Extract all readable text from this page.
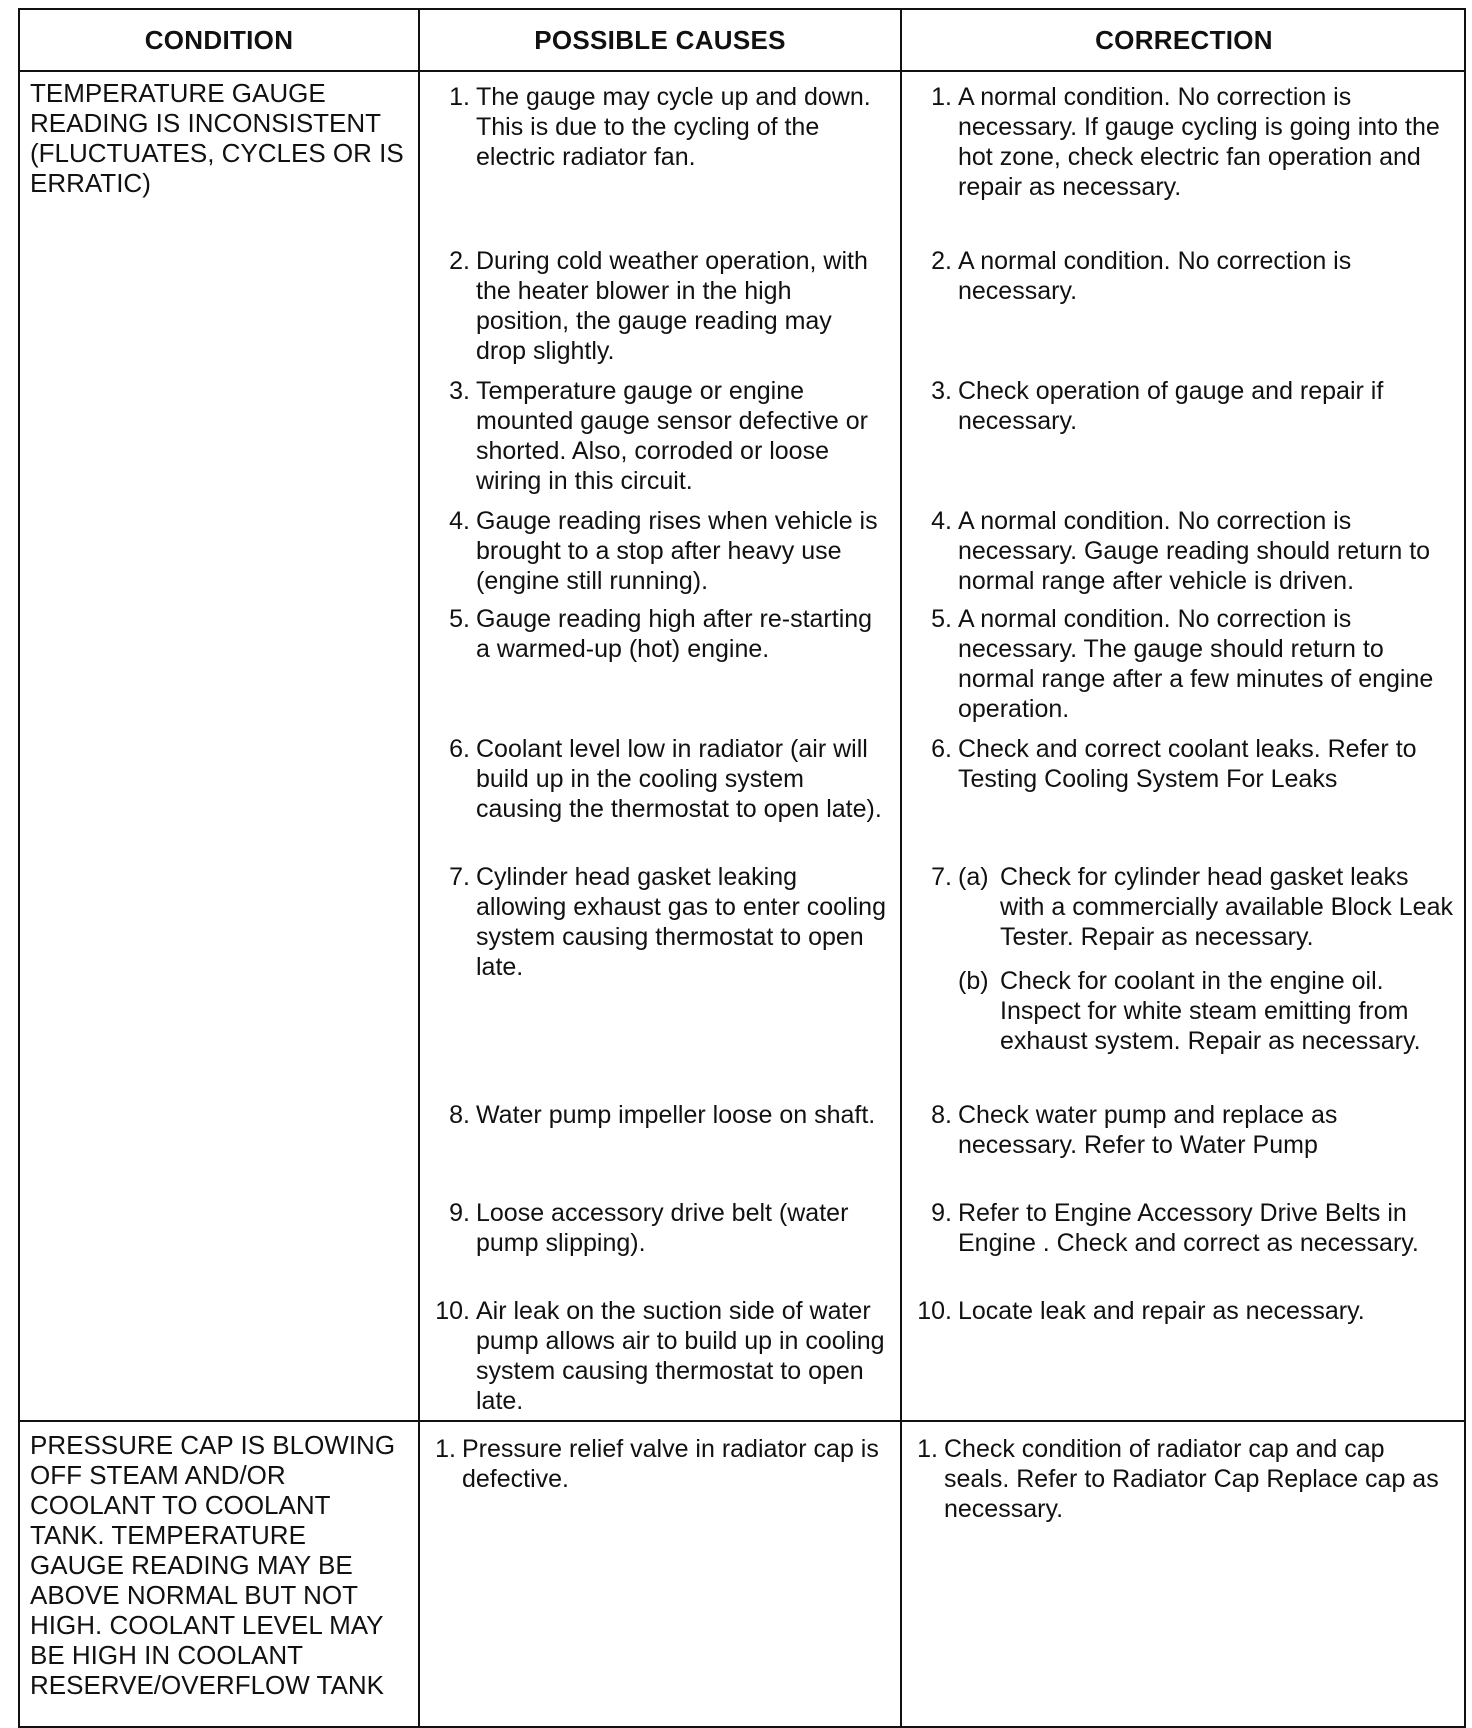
CONDITION	POSSIBLE CAUSES	CORRECTION
TEMPERATURE GAUGE READING IS INCONSISTENT (FLUCTUATES, CYCLES OR IS ERRATIC)
1. The gauge may cycle up and down. This is due to the cycling of the electric radiator fan.
2. During cold weather operation, with the heater blower in the high position, the gauge reading may drop slightly.
3. Temperature gauge or engine mounted gauge sensor defective or shorted. Also, corroded or loose wiring in this circuit.
4. Gauge reading rises when vehicle is brought to a stop after heavy use (engine still running).
5. Gauge reading high after re-starting a warmed-up (hot) engine.
6. Coolant level low in radiator (air will build up in the cooling system causing the thermostat to open late).
7. Cylinder head gasket leaking allowing exhaust gas to enter cooling system causing thermostat to open late.
8. Water pump impeller loose on shaft.
9. Loose accessory drive belt (water pump slipping).
10. Air leak on the suction side of water pump allows air to build up in cooling system causing thermostat to open late.
1. A normal condition. No correction is necessary. If gauge cycling is going into the hot zone, check electric fan operation and repair as necessary.
2. A normal condition. No correction is necessary.
3. Check operation of gauge and repair if necessary.
4. A normal condition. No correction is necessary. Gauge reading should return to normal range after vehicle is driven.
5. A normal condition. No correction is necessary. The gauge should return to normal range after a few minutes of engine operation.
6. Check and correct coolant leaks. Refer to Testing Cooling System For Leaks
7. (a) Check for cylinder head gasket leaks with a commercially available Block Leak Tester. Repair as necessary.
(b) Check for coolant in the engine oil. Inspect for white steam emitting from exhaust system. Repair as necessary.
8. Check water pump and replace as necessary. Refer to Water Pump
9. Refer to Engine Accessory Drive Belts in Engine . Check and correct as necessary.
10. Locate leak and repair as necessary.
PRESSURE CAP IS BLOWING OFF STEAM AND/OR COOLANT TO COOLANT TANK. TEMPERATURE GAUGE READING MAY BE ABOVE NORMAL BUT NOT HIGH. COOLANT LEVEL MAY BE HIGH IN COOLANT RESERVE/OVERFLOW TANK
1. Pressure relief valve in radiator cap is defective.
1. Check condition of radiator cap and cap seals. Refer to Radiator Cap Replace cap as necessary.
